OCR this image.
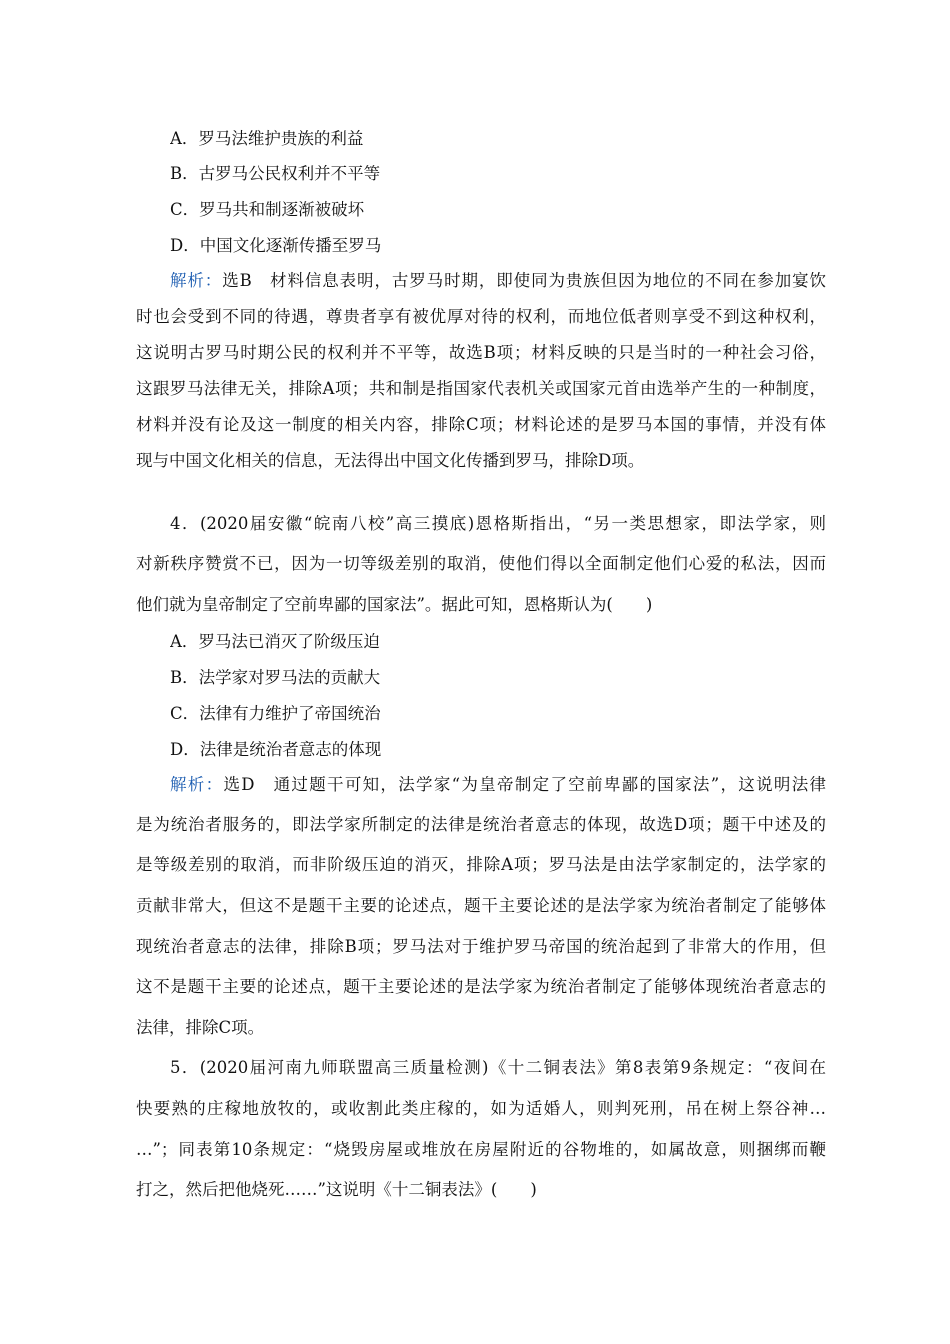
A．罗马法维护贵族的利益
B．古罗马公民权利并不平等
C．罗马共和制逐渐被破坏
D．中国文化逐渐传播至罗马
解析：选B　材料信息表明，古罗马时期，即使同为贵族但因为地位的不同在参加宴饮
时也会受到不同的待遇，尊贵者享有被优厚对待的权利，而地位低者则享受不到这种权利，
这说明古罗马时期公民的权利并不平等，故选B项；材料反映的只是当时的一种社会习俗，
这跟罗马法律无关，排除A项；共和制是指国家代表机关或国家元首由选举产生的一种制度，
材料并没有论及这一制度的相关内容，排除C项；材料论述的是罗马本国的事情，并没有体
现与中国文化相关的信息，无法得出中国文化传播到罗马，排除D项。
4．(2020届安徽“皖南八校”高三摸底)恩格斯指出，“另一类思想家，即法学家，则
对新秩序赞赏不已，因为一切等级差别的取消，使他们得以全面制定他们心爱的私法，因而
他们就为皇帝制定了空前卑鄙的国家法”。据此可知，恩格斯认为(　　)
A．罗马法已消灭了阶级压迫
B．法学家对罗马法的贡献大
C．法律有力维护了帝国统治
D．法律是统治者意志的体现
解析：选D　通过题干可知，法学家“为皇帝制定了空前卑鄙的国家法”，这说明法律
是为统治者服务的，即法学家所制定的法律是统治者意志的体现，故选D项；题干中述及的
是等级差别的取消，而非阶级压迫的消灭，排除A项；罗马法是由法学家制定的，法学家的
贡献非常大，但这不是题干主要的论述点，题干主要论述的是法学家为统治者制定了能够体
现统治者意志的法律，排除B项；罗马法对于维护罗马帝国的统治起到了非常大的作用，但
这不是题干主要的论述点，题干主要论述的是法学家为统治者制定了能够体现统治者意志的
法律，排除C项。
5．(2020届河南九师联盟高三质量检测)《十二铜表法》第8表第9条规定：“夜间在
快要熟的庄稼地放牧的，或收割此类庄稼的，如为适婚人，则判死刑，吊在树上祭谷神…
…”；同表第10条规定：“烧毁房屋或堆放在房屋附近的谷物堆的，如属故意，则捆绑而鞭
打之，然后把他烧死……”这说明《十二铜表法》(　　)
